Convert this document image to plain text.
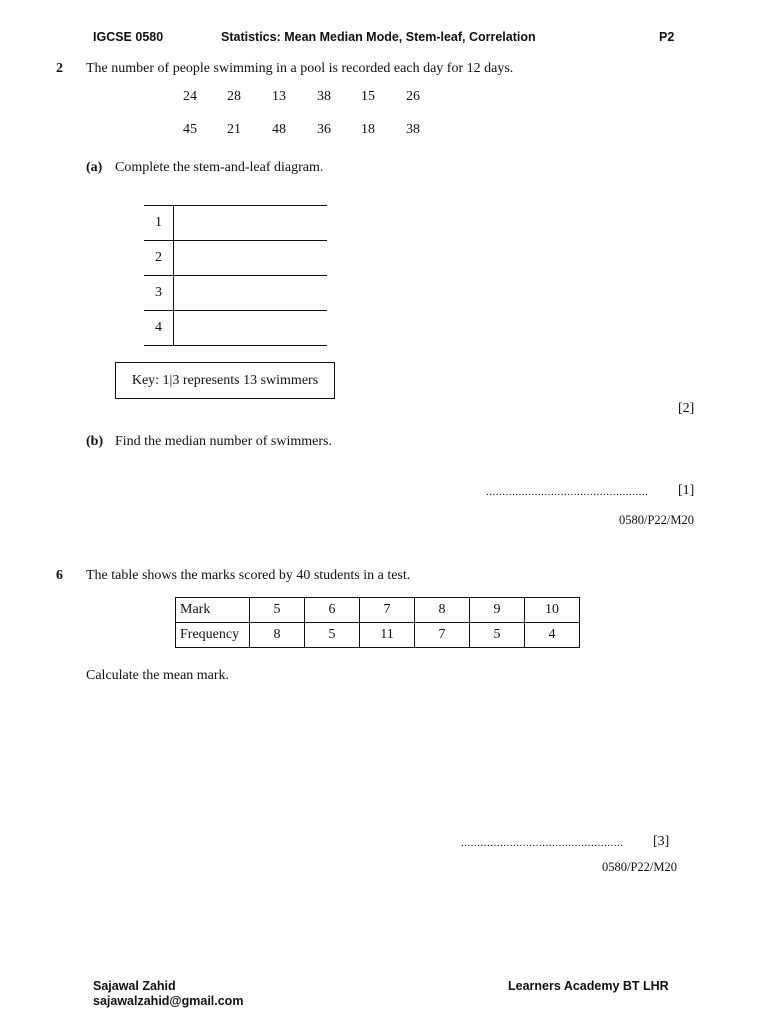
IGCSE 0580	Statistics: Mean Median Mode, Stem-leaf, Correlation	P2
2 The number of people swimming in a pool is recorded each day for 12 days.
24 28 13 38 15 26
45 21 48 36 18 38
(a) Complete the stem-and-leaf diagram.
1
2
3
4
Key: 1|3 represents 13 swimmers
[2]
(b) Find the median number of swimmers.
.................................................. [1]
0580/P22/M20
6 The table shows the marks scored by 40 students in a test.
Mark	5	6	7	8	9	10
Frequency	8	5	11	7	5	4
Calculate the mean mark.
.................................................. [3]
0580/P22/M20
Sajawal Zahid
sajawalzahid@gmail.com
Learners Academy BT LHR
